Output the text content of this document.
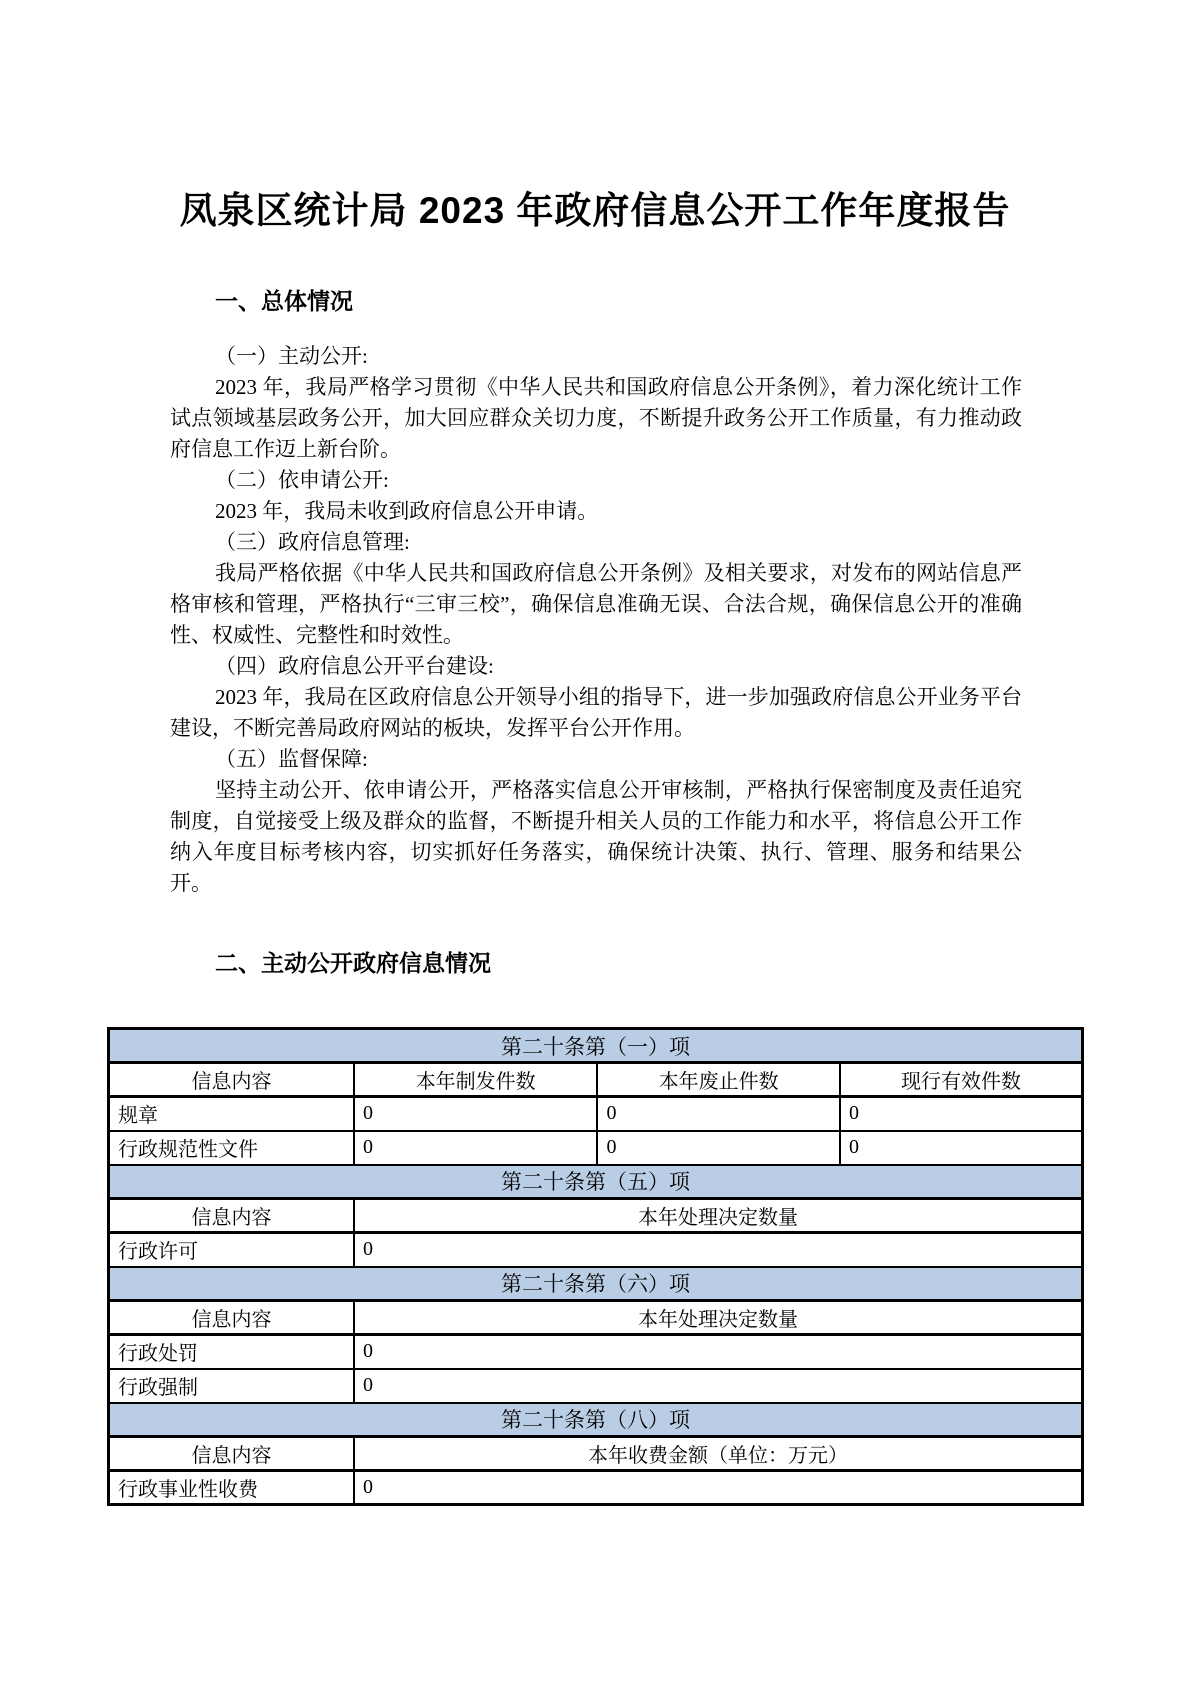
凤泉区统计局 2023 年政府信息公开工作年度报告
一、总体情况

（一）主动公开:

2023 年，我局严格学习贯彻《中华人民共和国政府信息公开条例》，着力深化统计工作试点领域基层政务公开，加大回应群众关切力度，不断提升政务公开工作质量，有力推动政府信息工作迈上新台阶。

（二）依申请公开:

2023 年，我局未收到政府信息公开申请。

（三）政府信息管理:

我局严格依据《中华人民共和国政府信息公开条例》及相关要求，对发布的网站信息严格审核和管理，严格执行“三审三校”，确保信息准确无误、合法合规，确保信息公开的准确性、权威性、完整性和时效性。

（四）政府信息公开平台建设:

2023 年，我局在区政府信息公开领导小组的指导下，进一步加强政府信息公开业务平台建设，不断完善局政府网站的板块，发挥平台公开作用。

（五）监督保障:

坚持主动公开、依申请公开，严格落实信息公开审核制，严格执行保密制度及责任追究制度，自觉接受上级及群众的监督，不断提升相关人员的工作能力和水平，将信息公开工作纳入年度目标考核内容，切实抓好任务落实，确保统计决策、执行、管理、服务和结果公开。

二、主动公开政府信息情况
第二十条第（一）项			
信息内容	本年制发件数	本年废止件数	现行有效件数
规章	0	0	0
行政规范性文件	0	0	0
第二十条第（五）项			
信息内容	本年处理决定数量		
行政许可	0		
第二十条第（六）项			
信息内容	本年处理决定数量		
行政处罚	0		
行政强制	0		
第二十条第（八）项			
信息内容	本年收费金额（单位：万元）		
行政事业性收费	0		
